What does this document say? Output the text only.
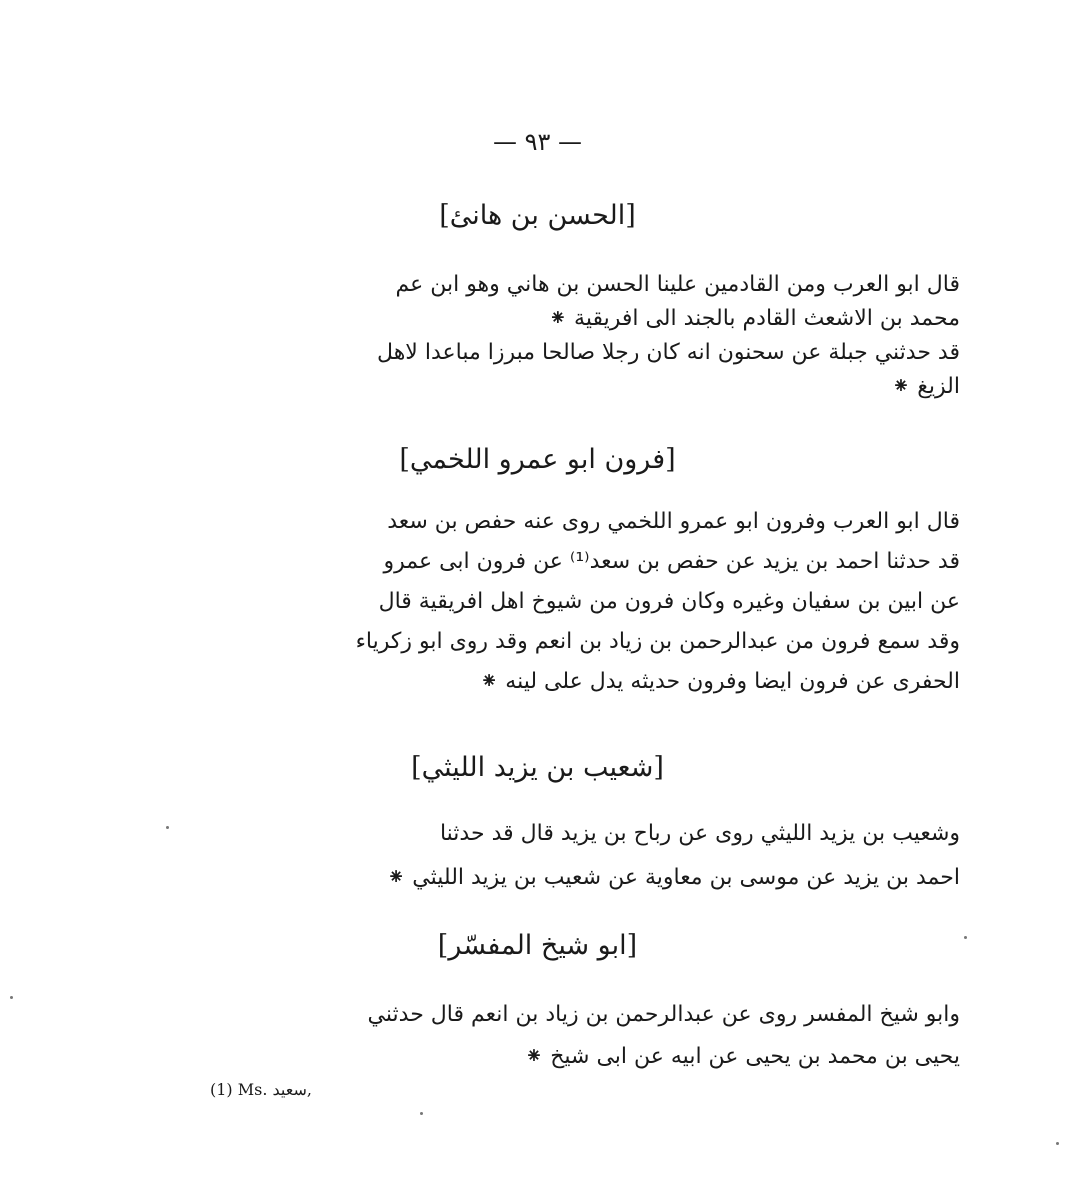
— ٩٣ —
[الحسن بن هانئ]
قال ابو العرب ومن القادمين علينا الحسن بن هاني وهو ابن عم
محمد بن الاشعث القادم بالجند الى افريقية ⁕
قد حدثني جبلة عن سحنون انه كان رجلا صالحا مبرزا مباعدا لاهل
الزيغ ⁕
[فرون ابو عمرو اللخمي]
قال ابو العرب وفرون ابو عمرو اللخمي روى عنه حفص بن سعد
قد حدثنا احمد بن يزيد عن حفص بن سعد⁽¹⁾ عن فرون ابى عمرو
عن ابين بن سفيان وغيره وكان فرون من شيوخ اهل افريقية قال
وقد سمع فرون من عبدالرحمن بن زياد بن انعم وقد روى ابو زكرياء
الحفرى عن فرون ايضا وفرون حديثه يدل على لينه ⁕
[شعيب بن يزيد الليثي]
وشعيب بن يزيد الليثي روى عن رباح بن يزيد قال قد حدثنا
احمد بن يزيد عن موسى بن معاوية عن شعيب بن يزيد الليثي ⁕
[ابو شيخ المفسّر]
وابو شيخ المفسر روى عن عبدالرحمن بن زياد بن انعم قال حدثني
يحيى بن محمد بن يحيى عن ابيه عن ابى شيخ ⁕
(1) Ms. سعيد,
